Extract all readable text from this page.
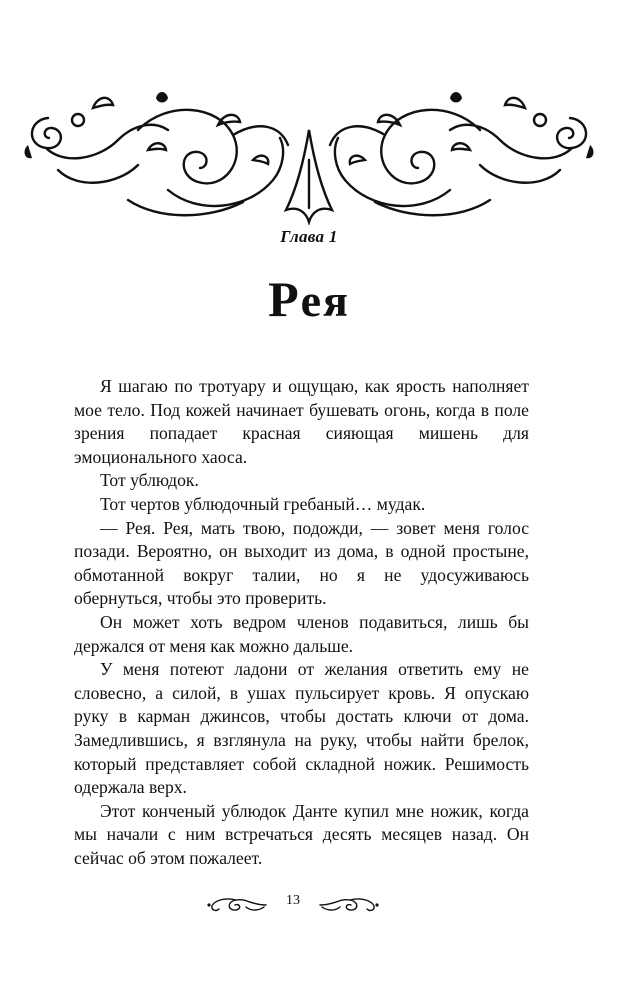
Глава 1
Рея

Я шагаю по тротуару и ощущаю, как ярость наполняет мое тело. Под кожей начинает бушевать огонь, когда в поле зрения попадает красная сияющая мишень для эмоционального хаоса.

Тот ублюдок.

Тот чертов ублюдочный гребаный… мудак.

— Рея. Рея, мать твою, подожди, — зовет меня голос позади. Вероятно, он выходит из дома, в одной простыне, обмотанной вокруг талии, но я не удосуживаюсь обернуться, чтобы это проверить.

Он может хоть ведром членов подавиться, лишь бы держался от меня как можно дальше.

У меня потеют ладони от желания ответить ему не словесно, а силой, в ушах пульсирует кровь. Я опускаю руку в карман джинсов, чтобы достать ключи от дома. Замедлившись, я взглянула на руку, чтобы найти брелок, который представляет собой складной ножик. Решимость одержала верх.

Этот конченый ублюдок Данте купил мне ножик, когда мы начали с ним встречаться десять месяцев назад. Он сейчас об этом пожалеет.

13
